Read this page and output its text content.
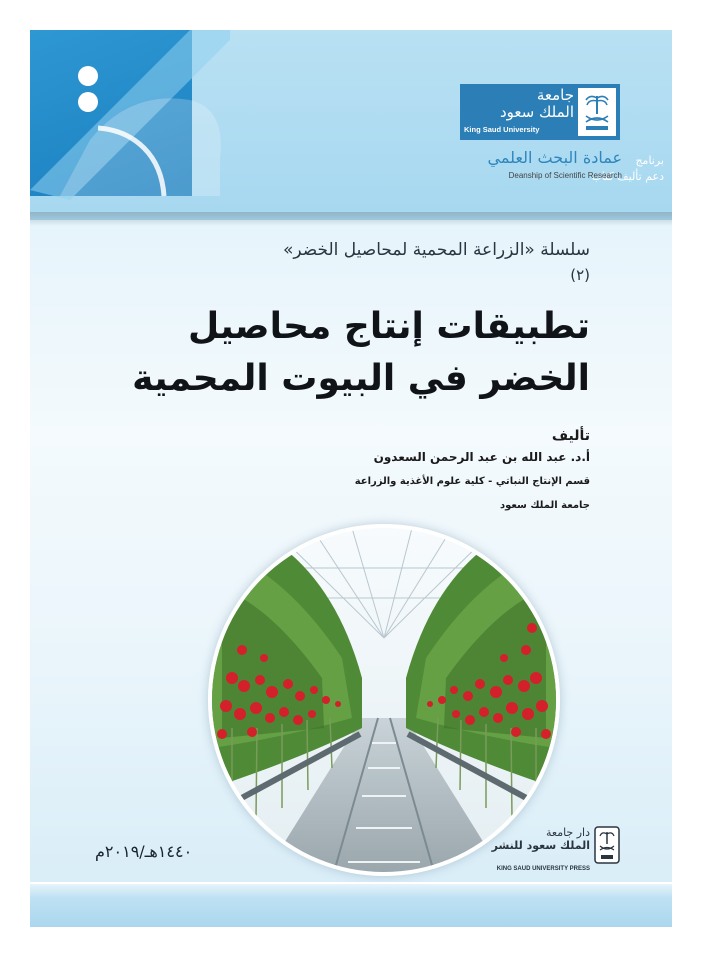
برنامج
دعم تأليف كتاب
جامعة
الملك سعود
King Saud University
عمادة البحث العلمي
Deanship of Scientific Research
سلسلة «الزراعة المحمية لمحاصيل الخضر»
(٢)
تطبيقات إنتاج محاصيل
الخضر في البيوت المحمية
تأليف
أ.د. عبد الله بن عبد الرحمن السعدون
قسم الإنتاج النباتي - كلية علوم الأغذية والزراعة
جامعة الملك سعود
١٤٤٠هـ/٢٠١٩م
دار جامعة
الملك سعود للنشر
KING SAUD UNIVERSITY PRESS
